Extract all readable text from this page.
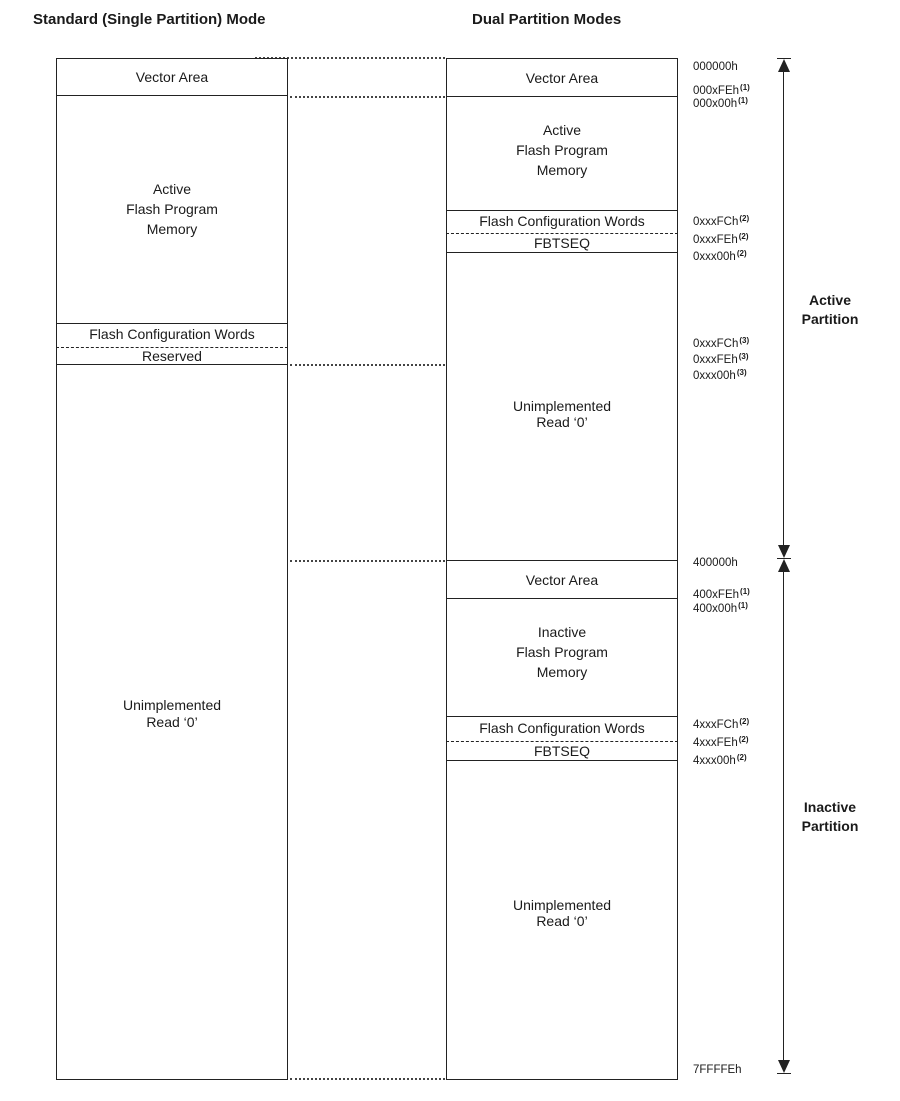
Standard (Single Partition) Mode	Dual Partition Modes
Vector Area
Active
Flash Program
Memory
Flash Configuration Words
Reserved
Unimplemented
Read ‘0’
Vector Area
Active
Flash Program
Memory
Flash Configuration Words
FBTSEQ
Unimplemented
Read ‘0’
Vector Area
Inactive
Flash Program
Memory
Flash Configuration Words
FBTSEQ
Unimplemented
Read ‘0’
000000h
000xFEh$^{(1)}$
$000x00h^{(1)}$
0xxxFCh$^{(2)}$
0xxxFEh$^{(2)}$
$0xxx00h^{(2)}$
0xxxFCh$^{(3)}$
0xxxFEh$^{(3)}$
$0xxx00h^{(3)}$
400000h
400xFEh$^{(1)}$
$400x00h^{(1)}$
4xxxFCh$^{(2)}$
4xxxFEh$^{(2)}$
$4xxx00h^{(2)}$
7FFFFEh
Active
Partition
Inactive
Partition
